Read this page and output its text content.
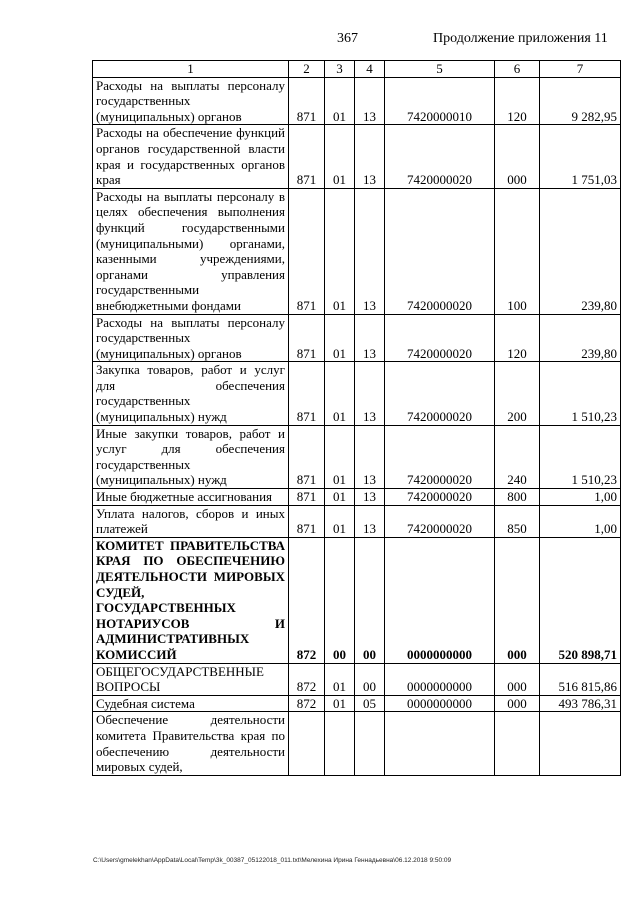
367	Продолжение приложения 11
1	2	3	4	5	6	7
Расходы на выплаты персоналу государственных (муниципальных) органов	871	01	13	7420000010	120	9 282,95
Расходы на обеспечение функций органов государственной власти края и государственных органов края	871	01	13	7420000020	000	1 751,03
Расходы на выплаты персоналу в целях обеспечения выполнения функций государственными (муниципальными) органами, казенными учреждениями, органами управления государственными внебюджетными фондами	871	01	13	7420000020	100	239,80
Расходы на выплаты персоналу государственных (муниципальных) органов	871	01	13	7420000020	120	239,80
Закупка товаров, работ и услуг для обеспечения государственных (муниципальных) нужд	871	01	13	7420000020	200	1 510,23
Иные закупки товаров, работ и услуг для обеспечения государственных (муниципальных) нужд	871	01	13	7420000020	240	1 510,23
Иные бюджетные ассигнования	871	01	13	7420000020	800	1,00
Уплата налогов, сборов и иных платежей	871	01	13	7420000020	850	1,00
КОМИТЕТ ПРАВИТЕЛЬСТВА КРАЯ ПО ОБЕСПЕЧЕНИЮ ДЕЯТЕЛЬНОСТИ МИРОВЫХ СУДЕЙ, ГОСУДАРСТВЕННЫХ НОТАРИУСОВ И АДМИНИСТРАТИВНЫХ КОМИССИЙ	872	00	00	0000000000	000	520 898,71
ОБЩЕГОСУДАРСТВЕННЫЕ ВОПРОСЫ	872	01	00	0000000000	000	516 815,86
Судебная система	872	01	05	0000000000	000	493 786,31
Обеспечение деятельности комитета Правительства края по обеспечению деятельности мировых судей,						
C:\Users\gmelekhan\AppData\Local\Temp\3k_00387_05122018_011.txt\Мелехина Ирина Геннадьевна\06.12.2018 9:50:09
